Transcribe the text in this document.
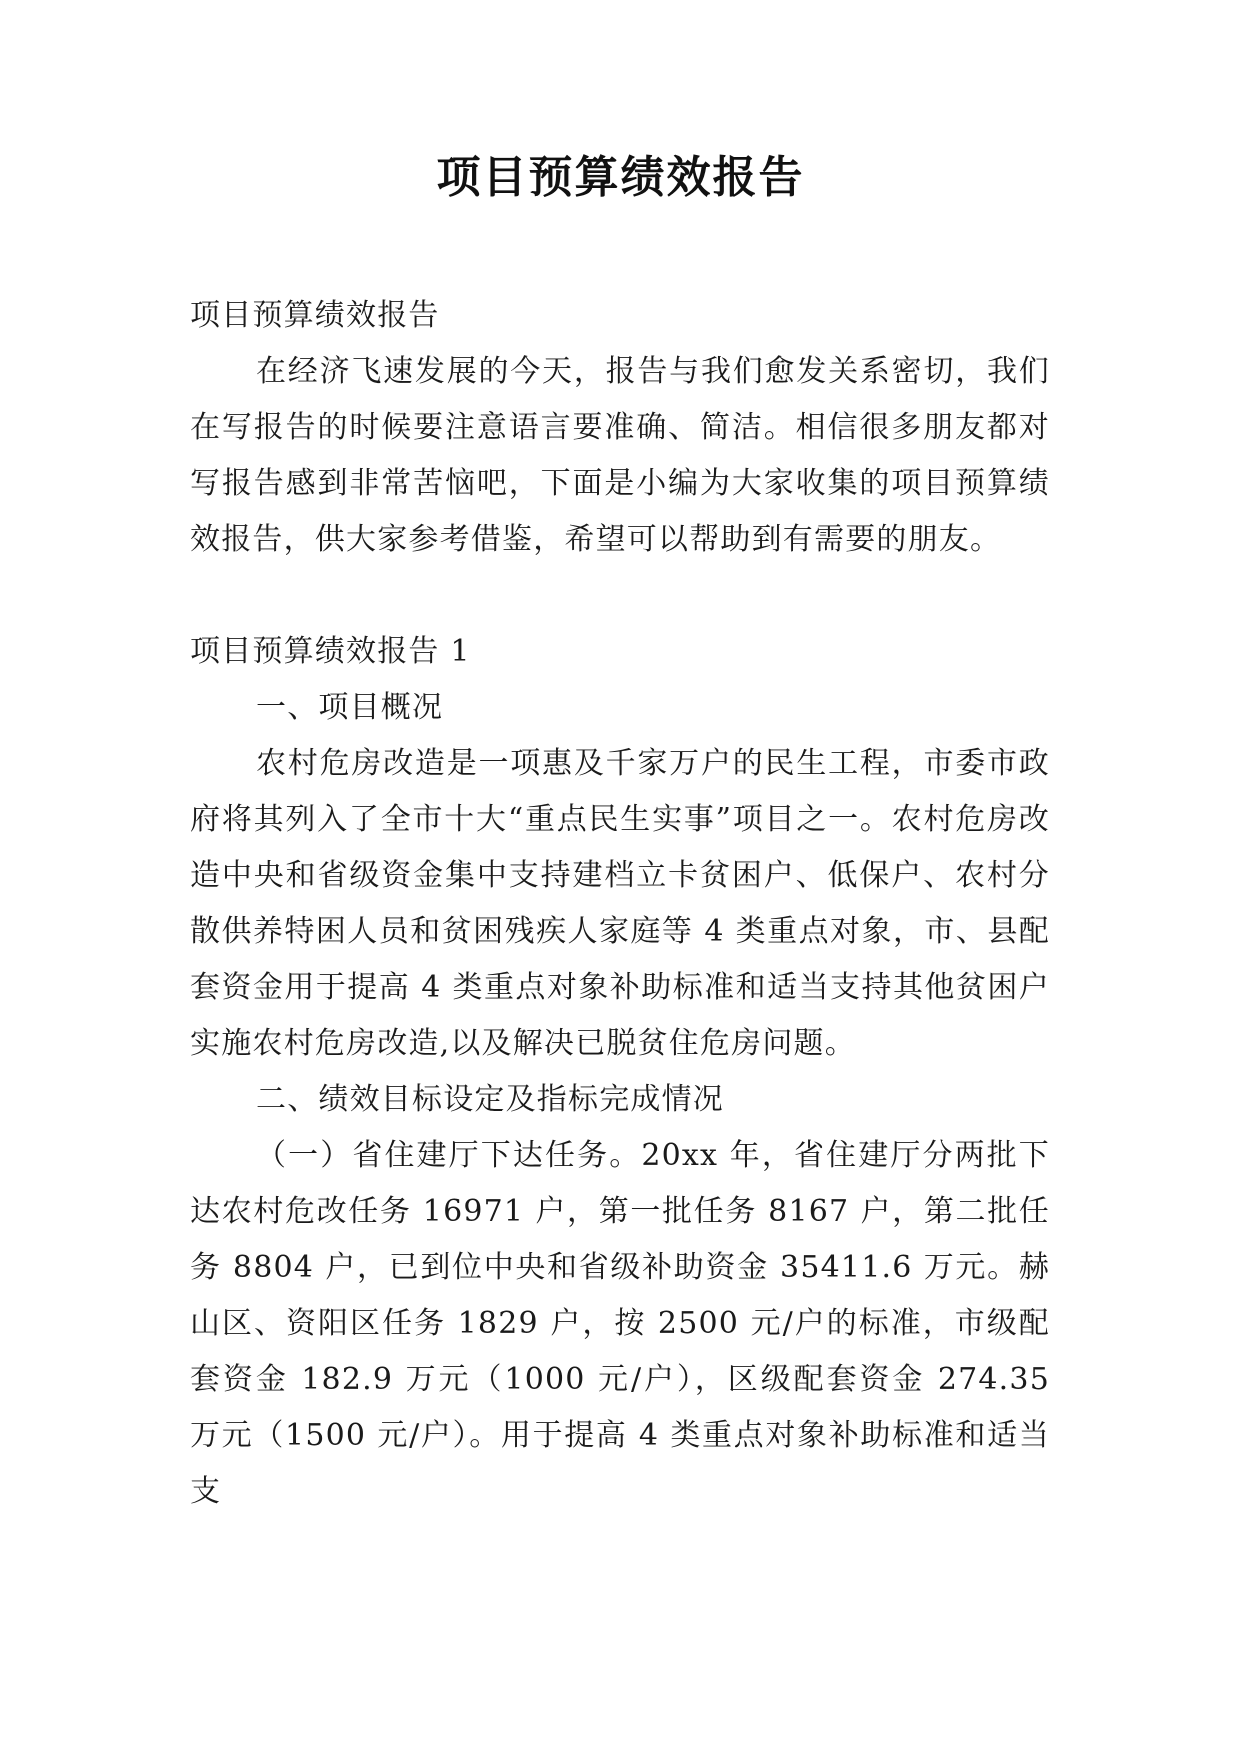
项目预算绩效报告

项目预算绩效报告

在经济飞速发展的今天，报告与我们愈发关系密切，我们在写报告的时候要注意语言要准确、简洁。相信很多朋友都对写报告感到非常苦恼吧，下面是小编为大家收集的项目预算绩效报告，供大家参考借鉴，希望可以帮助到有需要的朋友。

项目预算绩效报告 1

一、项目概况

农村危房改造是一项惠及千家万户的民生工程，市委市政府将其列入了全市十大“重点民生实事”项目之一。农村危房改造中央和省级资金集中支持建档立卡贫困户、低保户、农村分散供养特困人员和贫困残疾人家庭等 4 类重点对象，市、县配套资金用于提高 4 类重点对象补助标准和适当支持其他贫困户实施农村危房改造,以及解决已脱贫住危房问题。

二、绩效目标设定及指标完成情况

（一）省住建厅下达任务。20xx 年，省住建厅分两批下达农村危改任务 16971 户，第一批任务 8167 户，第二批任务 8804 户，已到位中央和省级补助资金 35411.6 万元。赫山区、资阳区任务 1829 户，按 2500 元/户的标准，市级配套资金 182.9 万元（1000 元/户），区级配套资金 274.35 万元（1500 元/户）。用于提高 4 类重点对象补助标准和适当支
